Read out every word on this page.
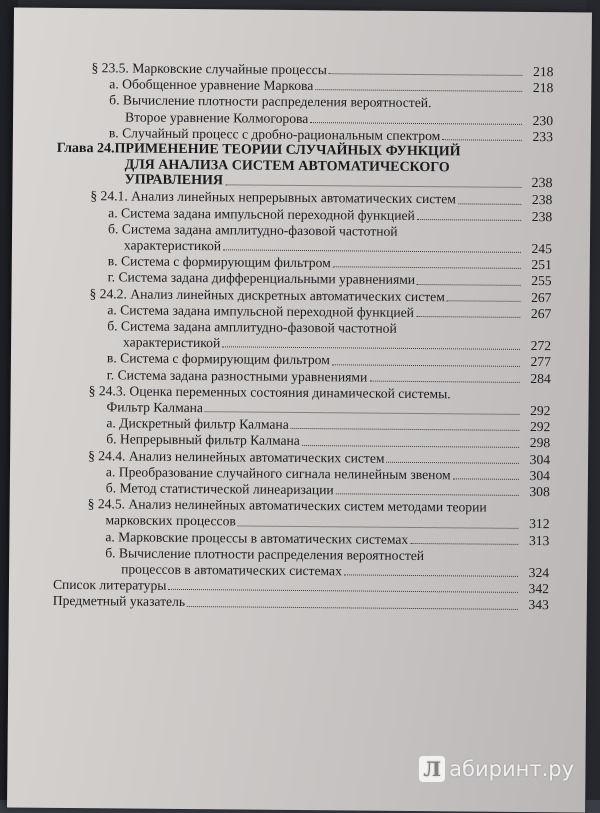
§ 23.5. Марковские случайные процессы	218
а. Обобщенное уравнение Маркова	218
б. Вычисление плотности распределения вероятностей.
Второе уравнение Колмогорова	230
в. Случайный процесс с дробно-рациональным спектром	233
Глава 24. ПРИМЕНЕНИЕ ТЕОРИИ СЛУЧАЙНЫХ ФУНКЦИЙ
ДЛЯ АНАЛИЗА СИСТЕМ АВТОМАТИЧЕСКОГО
УПРАВЛЕНИЯ	238
§ 24.1. Анализ линейных непрерывных автоматических систем	238
а. Система задана импульсной переходной функцией	238
б. Система задана амплитудно-фазовой частотной
характеристикой	245
в. Система с формирующим фильтром	251
г. Система задана дифференциальными уравнениями	255
§ 24.2. Анализ линейных дискретных автоматических систем	267
а. Система задана импульсной переходной функцией	267
б. Система задана амплитудно-фазовой частотной
характеристикой	272
в. Система с формирующим фильтром	277
г. Система задана разностными уравнениями	284
§ 24.3. Оценка переменных состояния динамической системы.
Фильтр Калмана	292
а. Дискретный фильтр Калмана	292
б. Непрерывный фильтр Калмана	298
§ 24.4. Анализ нелинейных автоматических систем	304
а. Преобразование случайного сигнала нелинейным звеном	304
б. Метод статистической линеаризации	308
§ 24.5. Анализ нелинейных автоматических систем методами теории
марковских процессов	312
а. Марковские процессы в автоматических системах	313
б. Вычисление плотности распределения вероятностей
процессов в автоматических системах	324
Список литературы	342
Предметный указатель	343
Л абиринт.ру
